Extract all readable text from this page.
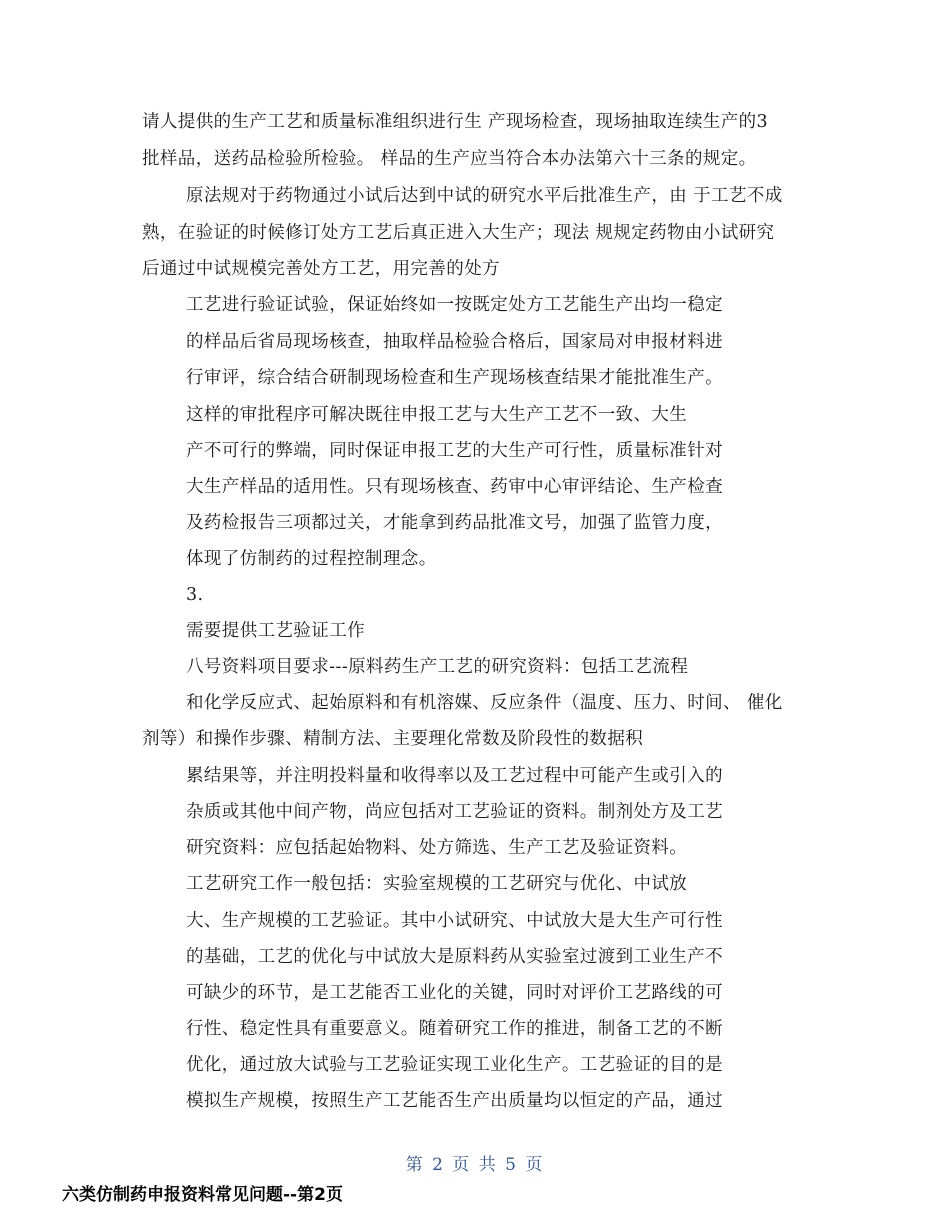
请人提供的生产工艺和质量标准组织进行生 产现场检查，现场抽取连续生产的3
批样品，送药品检验所检验。 样品的生产应当符合本办法第六十三条的规定。
原法规对于药物通过小试后达到中试的研究水平后批准生产，由 于工艺不成
熟，在验证的时候修订处方工艺后真正进入大生产；现法 规规定药物由小试研究
后通过中试规模完善处方工艺，用完善的处方
工艺进行验证试验，保证始终如一按既定处方工艺能生产出均一稳定
的样品后省局现场核查，抽取样品检验合格后，国家局对申报材料进
行审评，综合结合研制现场检查和生产现场核查结果才能批准生产。
这样的审批程序可解决既往申报工艺与大生产工艺不一致、大生
产不可行的弊端，同时保证申报工艺的大生产可行性，质量标准针对
大生产样品的适用性。只有现场核查、药审中心审评结论、生产检查
及药检报告三项都过关，才能拿到药品批准文号，加强了监管力度，
体现了仿制药的过程控制理念。
3.
需要提供工艺验证工作
八号资料项目要求---原料药生产工艺的研究资料：包括工艺流程
和化学反应式、起始原料和有机溶媒、反应条件（温度、压力、时间、 催化
剂等）和操作步骤、精制方法、主要理化常数及阶段性的数据积
累结果等，并注明投料量和收得率以及工艺过程中可能产生或引入的
杂质或其他中间产物，尚应包括对工艺验证的资料。制剂处方及工艺
研究资料：应包括起始物料、处方筛选、生产工艺及验证资料。
工艺研究工作一般包括：实验室规模的工艺研究与优化、中试放
大、生产规模的工艺验证。其中小试研究、中试放大是大生产可行性
的基础，工艺的优化与中试放大是原料药从实验室过渡到工业生产不
可缺少的环节，是工艺能否工业化的关键，同时对评价工艺路线的可
行性、稳定性具有重要意义。随着研究工作的推进，制备工艺的不断
优化，通过放大试验与工艺验证实现工业化生产。工艺验证的目的是
模拟生产规模，按照生产工艺能否生产出质量均以恒定的产品，通过
第 2 页 共 5 页
六类仿制药申报资料常见问题--第2页
